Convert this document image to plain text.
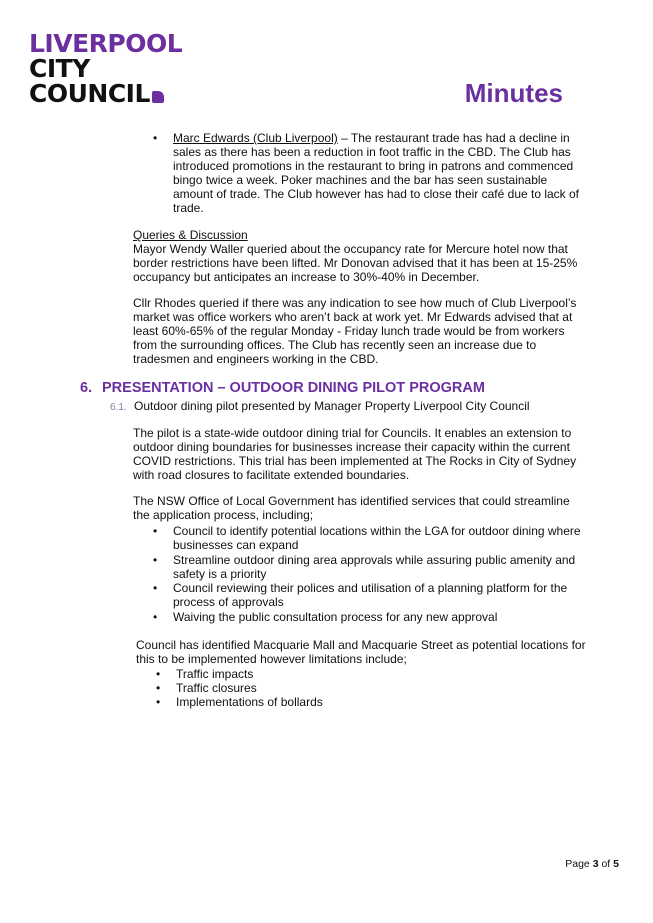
LIVERPOOL
CITY
COUNCIL	Minutes
• Marc Edwards (Club Liverpool) – The restaurant trade has had a decline in sales as there has been a reduction in foot traffic in the CBD. The Club has introduced promotions in the restaurant to bring in patrons and commenced bingo twice a week. Poker machines and the bar has seen sustainable amount of trade. The Club however has had to close their café due to lack of trade.
Queries & Discussion
Mayor Wendy Waller queried about the occupancy rate for Mercure hotel now that border restrictions have been lifted. Mr Donovan advised that it has been at 15-25% occupancy but anticipates an increase to 30%-40% in December.
Cllr Rhodes queried if there was any indication to see how much of Club Liverpool’s market was office workers who aren’t back at work yet. Mr Edwards advised that at least 60%-65% of the regular Monday - Friday lunch trade would be from workers from the surrounding offices. The Club has recently seen an increase due to tradesmen and engineers working in the CBD.
6. PRESENTATION – OUTDOOR DINING PILOT PROGRAM
6.1. Outdoor dining pilot presented by Manager Property Liverpool City Council
The pilot is a state-wide outdoor dining trial for Councils. It enables an extension to outdoor dining boundaries for businesses increase their capacity within the current COVID restrictions. This trial has been implemented at The Rocks in City of Sydney with road closures to facilitate extended boundaries.
The NSW Office of Local Government has identified services that could streamline the application process, including;
• Council to identify potential locations within the LGA for outdoor dining where businesses can expand
• Streamline outdoor dining area approvals while assuring public amenity and safety is a priority
• Council reviewing their polices and utilisation of a planning platform for the process of approvals
• Waiving the public consultation process for any new approval
Council has identified Macquarie Mall and Macquarie Street as potential locations for this to be implemented however limitations include;
• Traffic impacts
• Traffic closures
• Implementations of bollards
Page 3 of 5
